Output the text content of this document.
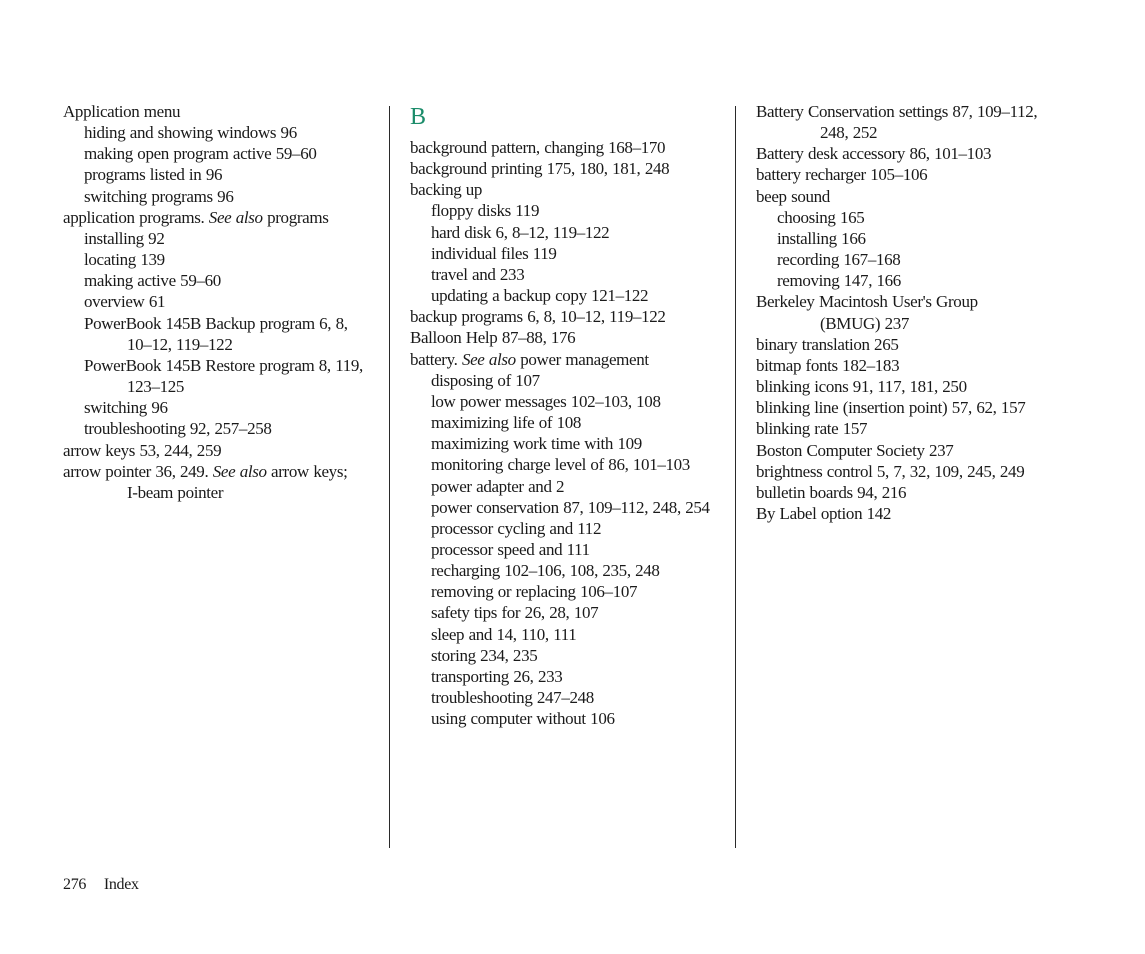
Application menu
hiding and showing windows 96
making open program active 59–60
programs listed in 96
switching programs 96
application programs. See also programs
installing 92
locating 139
making active 59–60
overview 61
PowerBook 145B Backup program 6, 8,
10–12, 119–122
PowerBook 145B Restore program 8, 119,
123–125
switching 96
troubleshooting 92, 257–258
arrow keys 53, 244, 259
arrow pointer 36, 249. See also arrow keys;
I-beam pointer
B
background pattern, changing 168–170
background printing 175, 180, 181, 248
backing up
floppy disks 119
hard disk 6, 8–12, 119–122
individual files 119
travel and 233
updating a backup copy 121–122
backup programs 6, 8, 10–12, 119–122
Balloon Help 87–88, 176
battery. See also power management
disposing of 107
low power messages 102–103, 108
maximizing life of 108
maximizing work time with 109
monitoring charge level of 86, 101–103
power adapter and 2
power conservation 87, 109–112, 248, 254
processor cycling and 112
processor speed and 111
recharging 102–106, 108, 235, 248
removing or replacing 106–107
safety tips for 26, 28, 107
sleep and 14, 110, 111
storing 234, 235
transporting 26, 233
troubleshooting 247–248
using computer without 106
Battery Conservation settings 87, 109–112,
248, 252
Battery desk accessory 86, 101–103
battery recharger 105–106
beep sound
choosing 165
installing 166
recording 167–168
removing 147, 166
Berkeley Macintosh User's Group
(BMUG) 237
binary translation 265
bitmap fonts 182–183
blinking icons 91, 117, 181, 250
blinking line (insertion point) 57, 62, 157
blinking rate 157
Boston Computer Society 237
brightness control 5, 7, 32, 109, 245, 249
bulletin boards 94, 216
By Label option 142
276 Index
